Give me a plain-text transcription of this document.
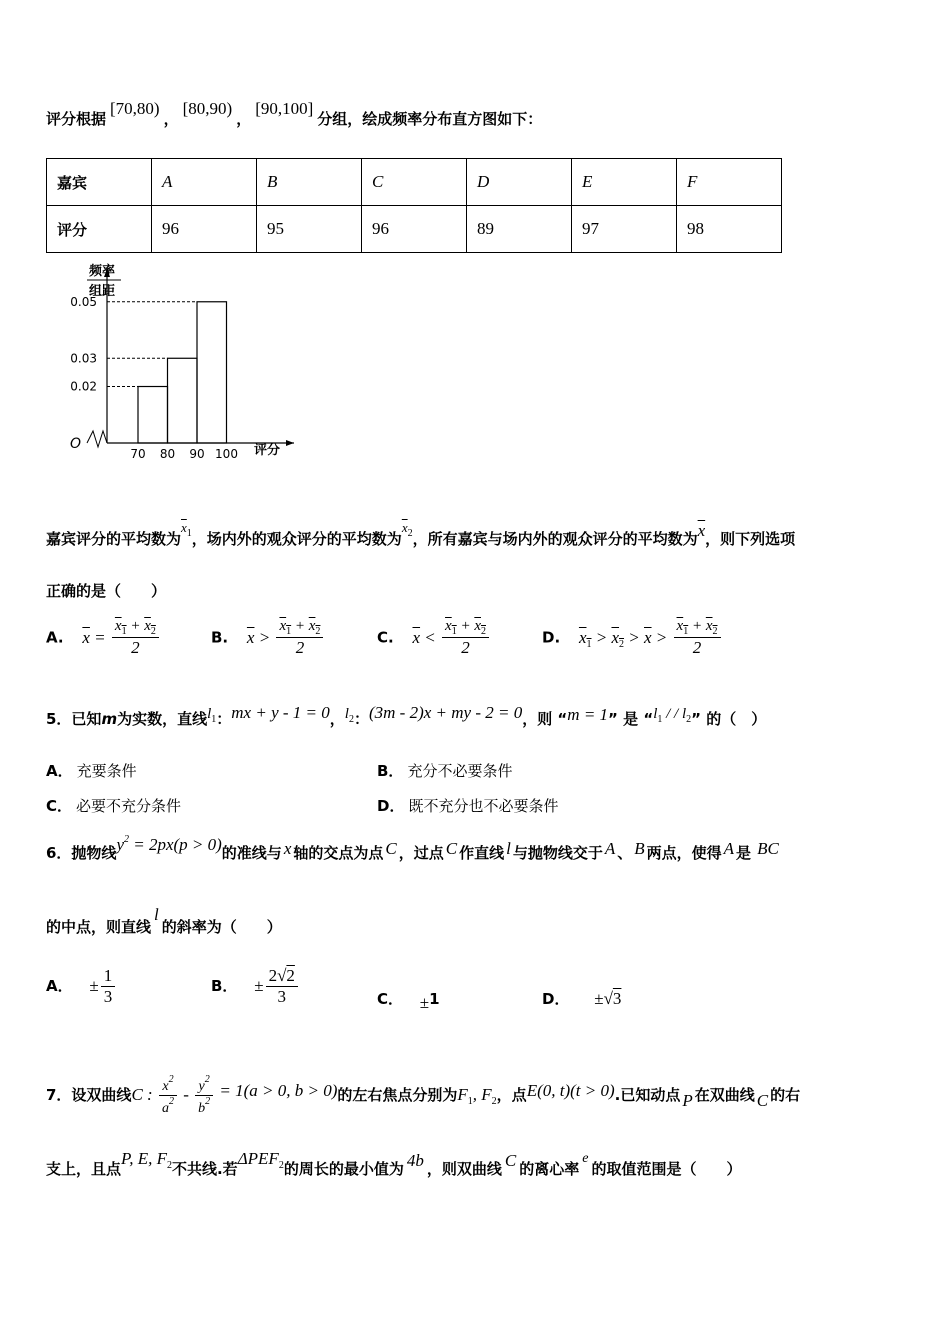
评分根据[70,80)，[80,90)，[90,100]分组，绘成频率分布直方图如下：
嘉宾	A	B	C	D	E	F
评分	96	95	96	89	97	98
0.02
0.03
0.05
70 80 90 100
O	评分
频率
组距
嘉宾评分的平均数为$\overline{x}_1$，场内外的观众评分的平均数为$\overline{x}_2$，所有嘉宾与场内外的观众评分的平均数为$\overline{x}$，则下列选项
正确的是（　　）
A. $\overline{x} = \frac{x_1 + x_2}{2}$	B. $\overline{x} > \frac{x_1 + x_2}{2}$	C. $\overline{x} < \frac{x_1 + x_2}{2}$	D. $x_1 > x_2 > \overline{x} > \frac{x_1 + x_2}{2}$
5．已知m为实数，直线$l_1$：mx + y - 1 = 0，$l_2$：(3m - 2)x + my - 2 = 0，则 “m = 1” 是 “$l_1$ / / $l_2$” 的（　）
A． 充要条件	B． 充分不必要条件
C． 必要不充分条件	D． 既不充分也不必要条件
6．抛物线$y^2 = 2px(p > 0)$的准线与 x 轴的交点为点 C ，过点 C 作直线 l 与抛物线交于 A 、 B 两点，使得 A 是 BC
的中点，则直线l的斜率为（　　）
A． ± $\frac{1}{3}$	B． ± $\frac{2√2}{3}$	C． ±1	D． ±√3
7．设双曲线C : $\frac{x^2}{a^2} - \frac{y^2}{b^2} = 1(a > 0$, b > 0)的左右焦点分别为$F_1$, $F_2$，点E(0, t)(t > 0).已知动点 P 在双曲线 C 的右
支上，且点P, E, $F_2$不共线.若$\Delta PEF_2$的周长的最小值为 4b ，则双曲线 C 的离心率e的取值范围是（　　）
